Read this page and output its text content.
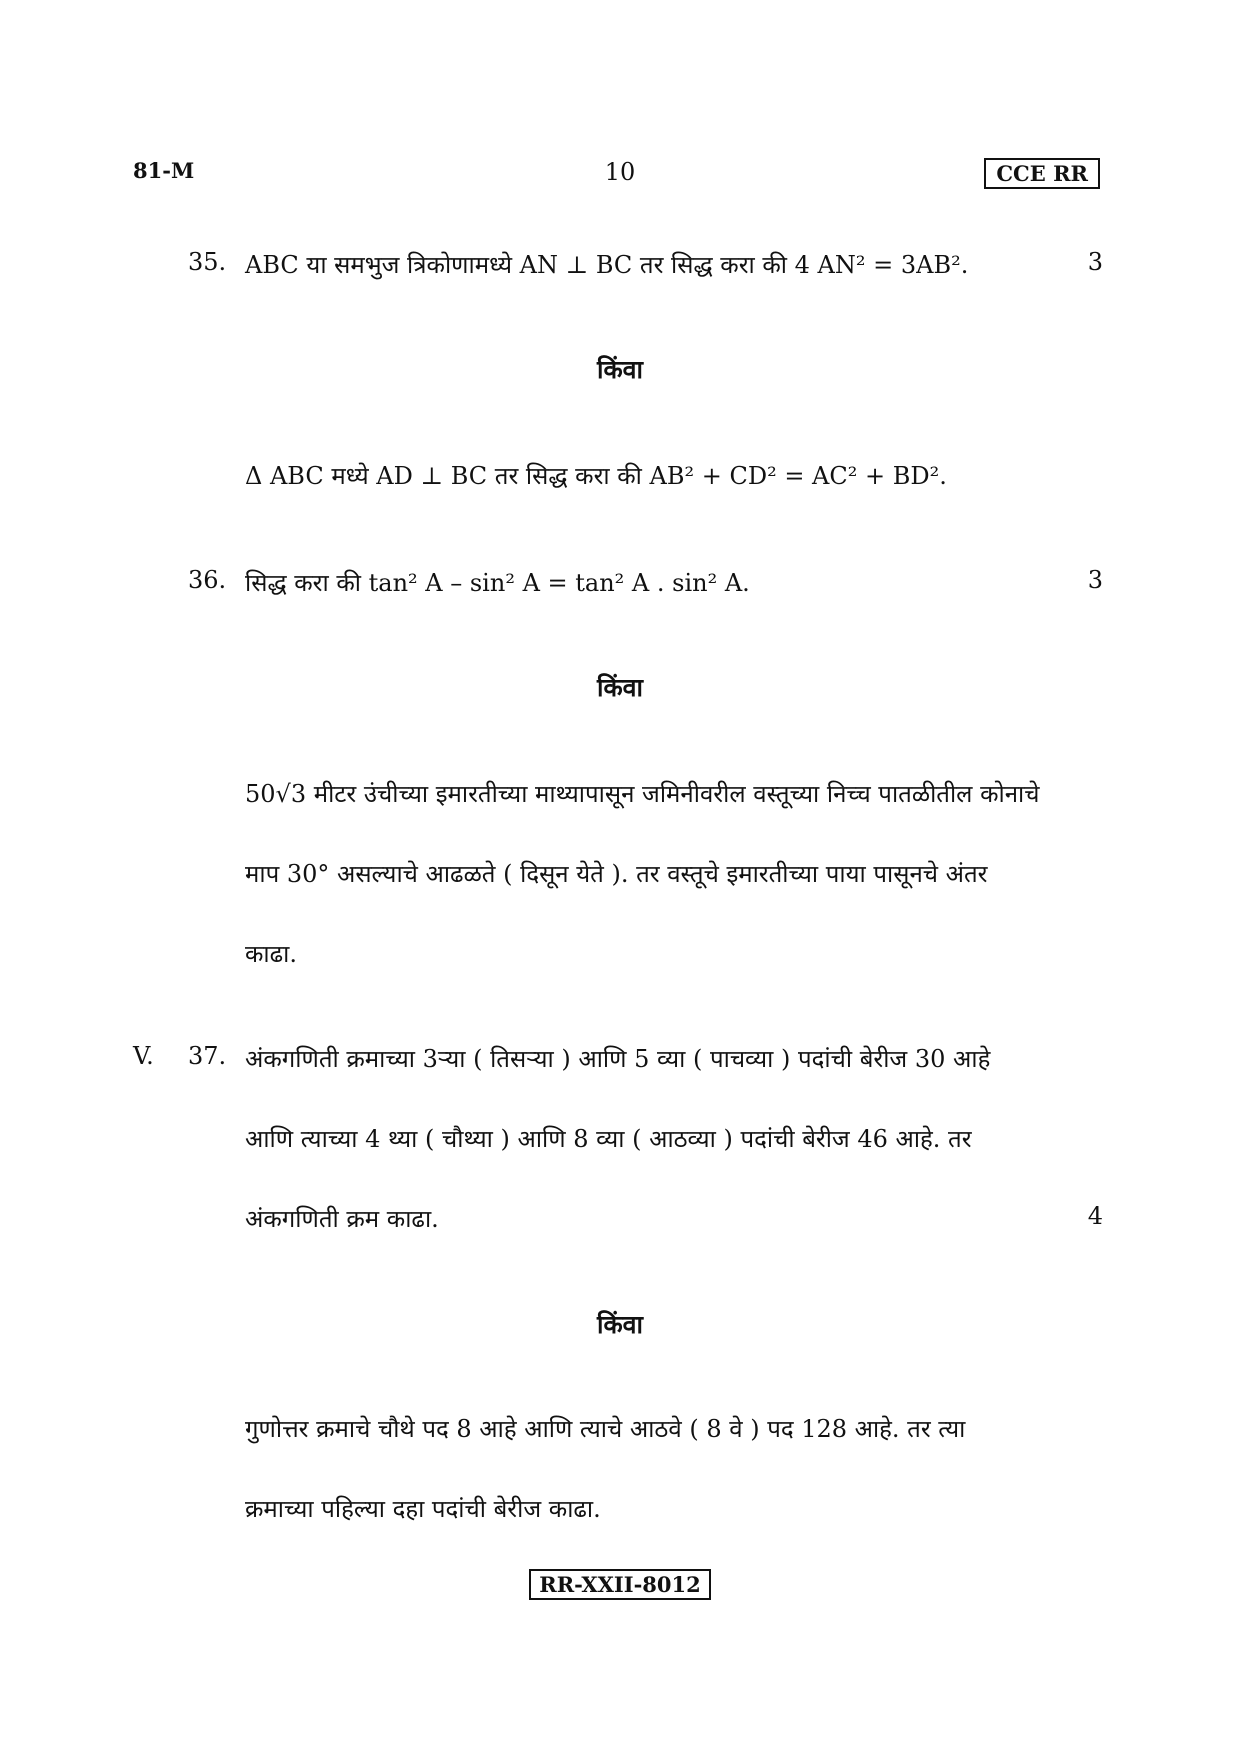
81-M	10	CCE RR
35. ABC या समभुज त्रिकोणामध्ये AN ⊥ BC तर सिद्ध करा की 4 AN² = 3AB².	3
किंवा
Δ ABC मध्ये AD ⊥ BC तर सिद्ध करा की AB² + CD² = AC² + BD².
36. सिद्ध करा की tan² A – sin² A = tan² A . sin² A.	3
किंवा
50√3 मीटर उंचीच्या इमारतीच्या माथ्यापासून जमिनीवरील वस्तूच्या निच्च पातळीतील कोनाचे
माप 30° असल्याचे आढळते ( दिसून येते ). तर वस्तूचे इमारतीच्या पाया पासूनचे अंतर
काढा.
V. 37. अंकगणिती क्रमाच्या 3ऱ्या ( तिसऱ्या ) आणि 5 व्या ( पाचव्या ) पदांची बेरीज 30 आहे
आणि त्याच्या 4 थ्या ( चौथ्या ) आणि 8 व्या ( आठव्या ) पदांची बेरीज 46 आहे. तर
अंकगणिती क्रम काढा.	4
किंवा
गुणोत्तर क्रमाचे चौथे पद 8 आहे आणि त्याचे आठवे ( 8 वे ) पद 128 आहे. तर त्या
क्रमाच्या पहिल्या दहा पदांची बेरीज काढा.
RR-XXII-8012
